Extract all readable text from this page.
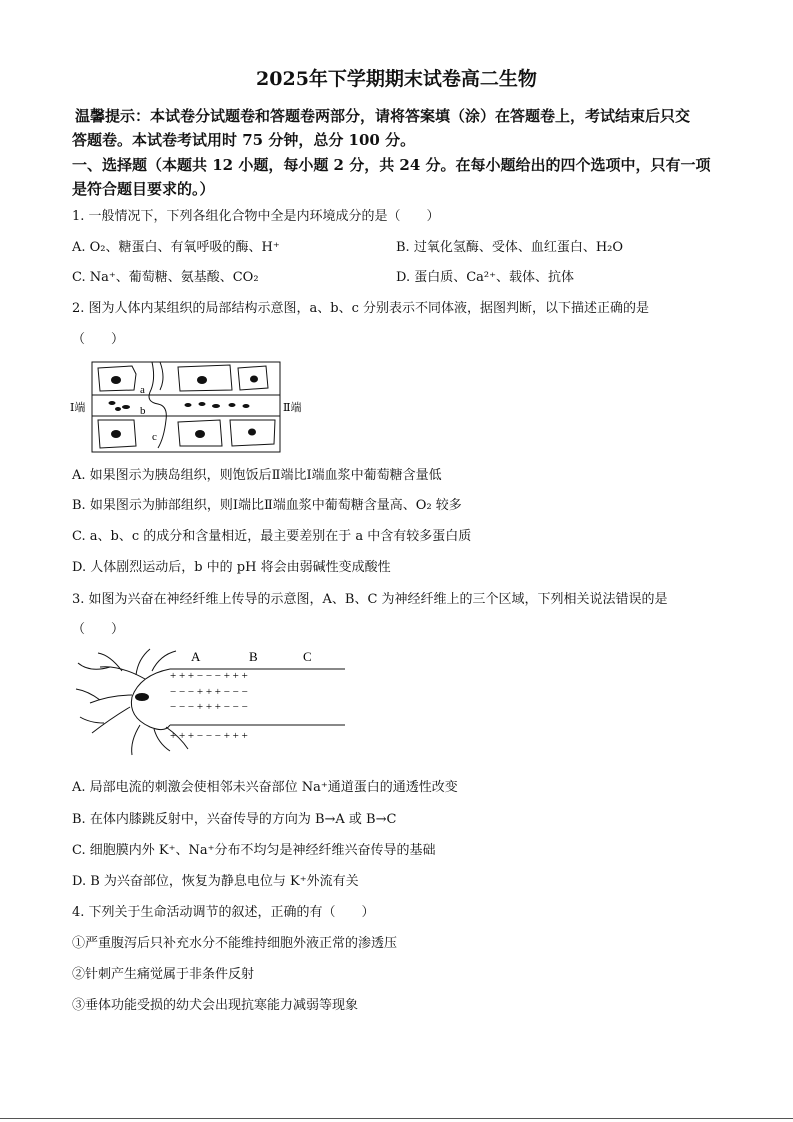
2025年下学期期末试卷高二生物
温馨提示：本试卷分试题卷和答题卷两部分，请将答案填（涂）在答题卷上，考试结束后只交
答题卷。本试卷考试用时 75 分钟，总分 100 分。
一、选择题（本题共 12 小题，每小题 2 分，共 24 分。在每小题给出的四个选项中，只有一项
是符合题目要求的。）
1. 一般情况下，下列各组化合物中全是内环境成分的是（　　）
A. O₂、糖蛋白、有氧呼吸的酶、H⁺	B. 过氧化氢酶、受体、血红蛋白、H₂O
C. Na⁺、葡萄糖、氨基酸、CO₂	D. 蛋白质、Ca²⁺、载体、抗体
2. 图为人体内某组织的局部结构示意图，a、b、c 分别表示不同体液，据图判断，以下描述正确的是
（　　）
Ⅰ端	Ⅱ端
a
b
c
A. 如果图示为胰岛组织，则饱饭后Ⅱ端比Ⅰ端血浆中葡萄糖含量低
B. 如果图示为肺部组织，则Ⅰ端比Ⅱ端血浆中葡萄糖含量高、O₂ 较多
C. a、b、c 的成分和含量相近，最主要差别在于 a 中含有较多蛋白质
D. 人体剧烈运动后，b 中的 pH 将会由弱碱性变成酸性
3. 如图为兴奋在神经纤维上传导的示意图，A、B、C 为神经纤维上的三个区域，下列相关说法错误的是
（　　）
A	B	C
+ + + − − − + + +
− − − + + + − − −
− − − + + + − − −
+ + + − − − + + +
A. 局部电流的刺激会使相邻未兴奋部位 Na⁺通道蛋白的通透性改变
B. 在体内膝跳反射中，兴奋传导的方向为 B→A 或 B→C
C. 细胞膜内外 K⁺、Na⁺分布不均匀是神经纤维兴奋传导的基础
D. B 为兴奋部位，恢复为静息电位与 K⁺外流有关
4. 下列关于生命活动调节的叙述，正确的有（　　）
①严重腹泻后只补充水分不能维持细胞外液正常的渗透压
②针刺产生痛觉属于非条件反射
③垂体功能受损的幼犬会出现抗寒能力减弱等现象
